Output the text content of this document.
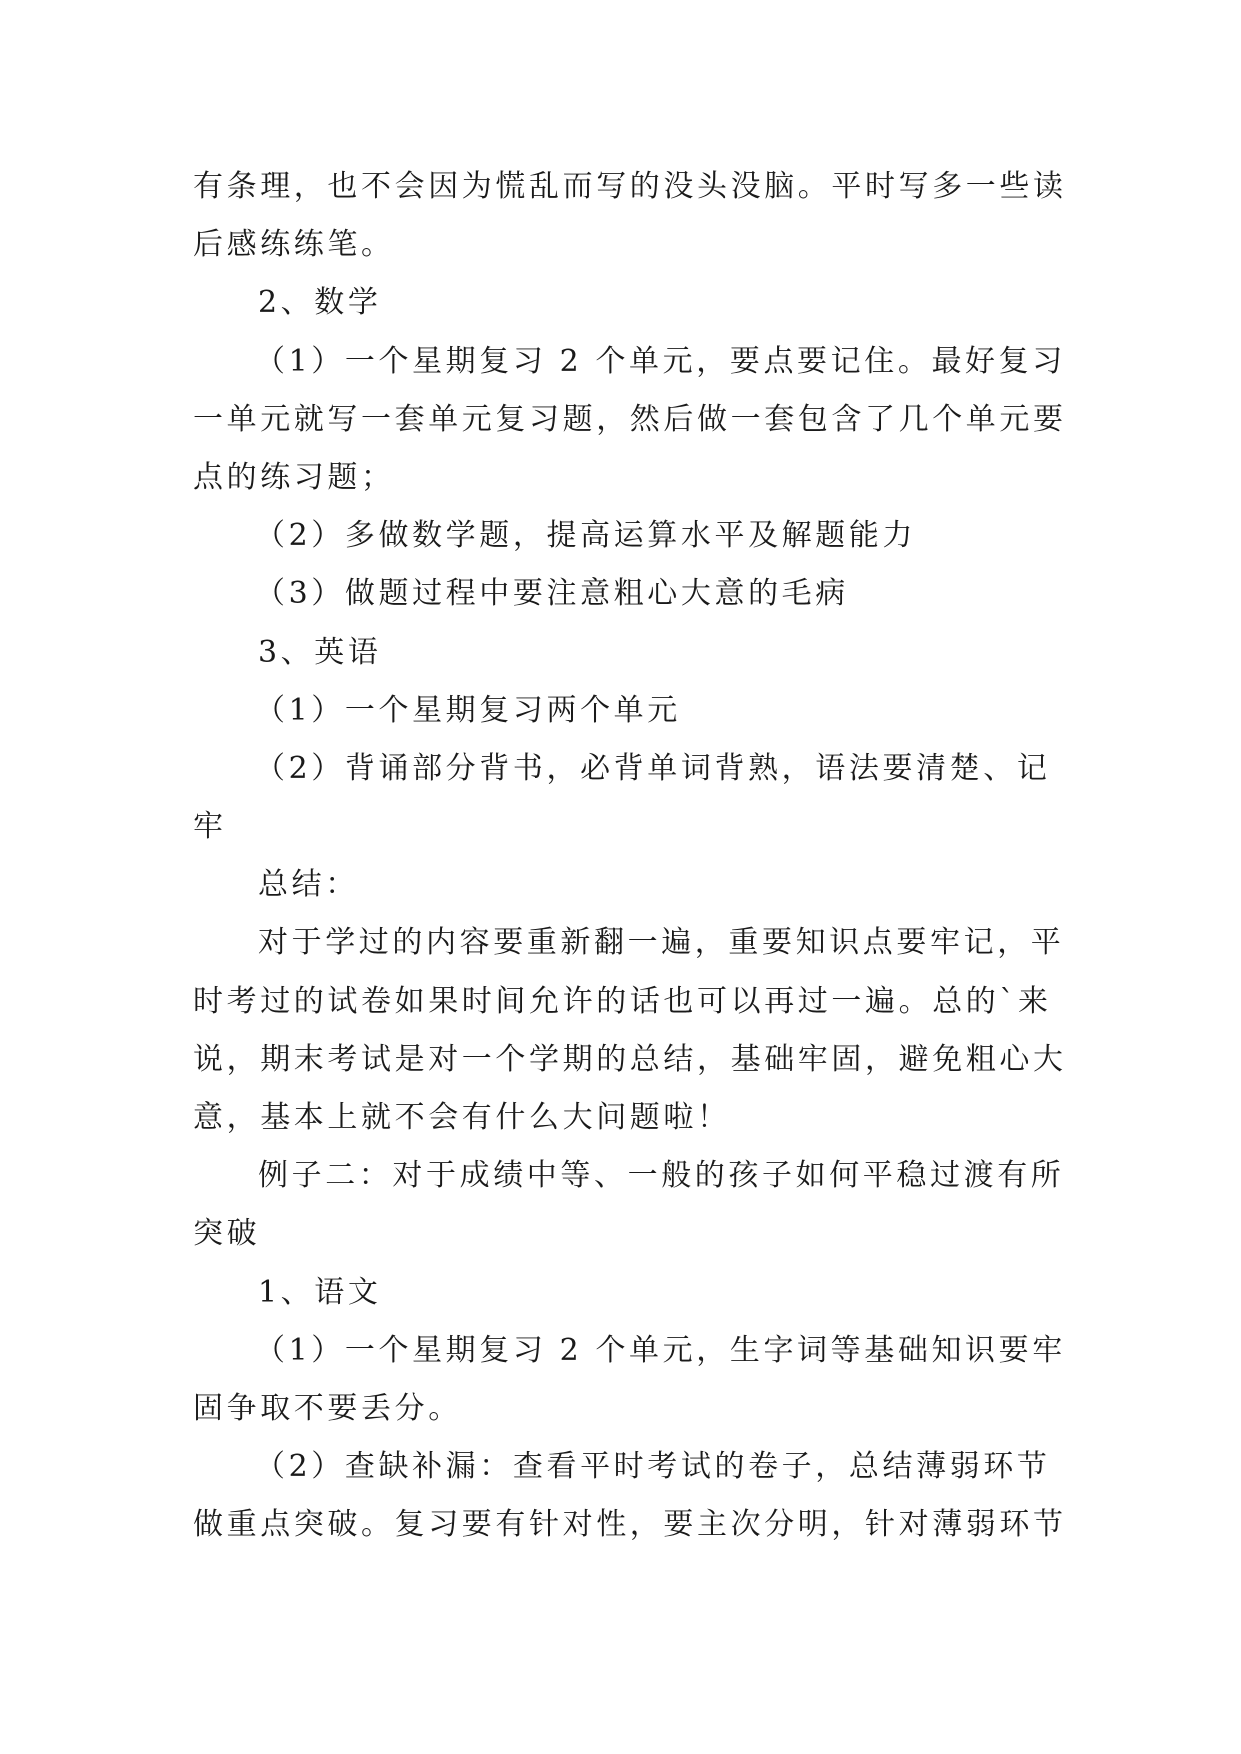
有条理，也不会因为慌乱而写的没头没脑。平时写多一些读
后感练练笔。
2、数学
（1）一个星期复习 2 个单元，要点要记住。最好复习
一单元就写一套单元复习题，然后做一套包含了几个单元要
点的练习题；
（2）多做数学题，提高运算水平及解题能力
（3）做题过程中要注意粗心大意的毛病
3、英语
（1）一个星期复习两个单元
（2）背诵部分背书，必背单词背熟，语法要清楚、记
牢
总结：
对于学过的内容要重新翻一遍，重要知识点要牢记，平
时考过的试卷如果时间允许的话也可以再过一遍。总的`来
说，期末考试是对一个学期的总结，基础牢固，避免粗心大
意，基本上就不会有什么大问题啦！
例子二：对于成绩中等、一般的孩子如何平稳过渡有所
突破
1、语文
（1）一个星期复习 2 个单元，生字词等基础知识要牢
固争取不要丢分。
（2）查缺补漏：查看平时考试的卷子，总结薄弱环节
做重点突破。复习要有针对性，要主次分明，针对薄弱环节
